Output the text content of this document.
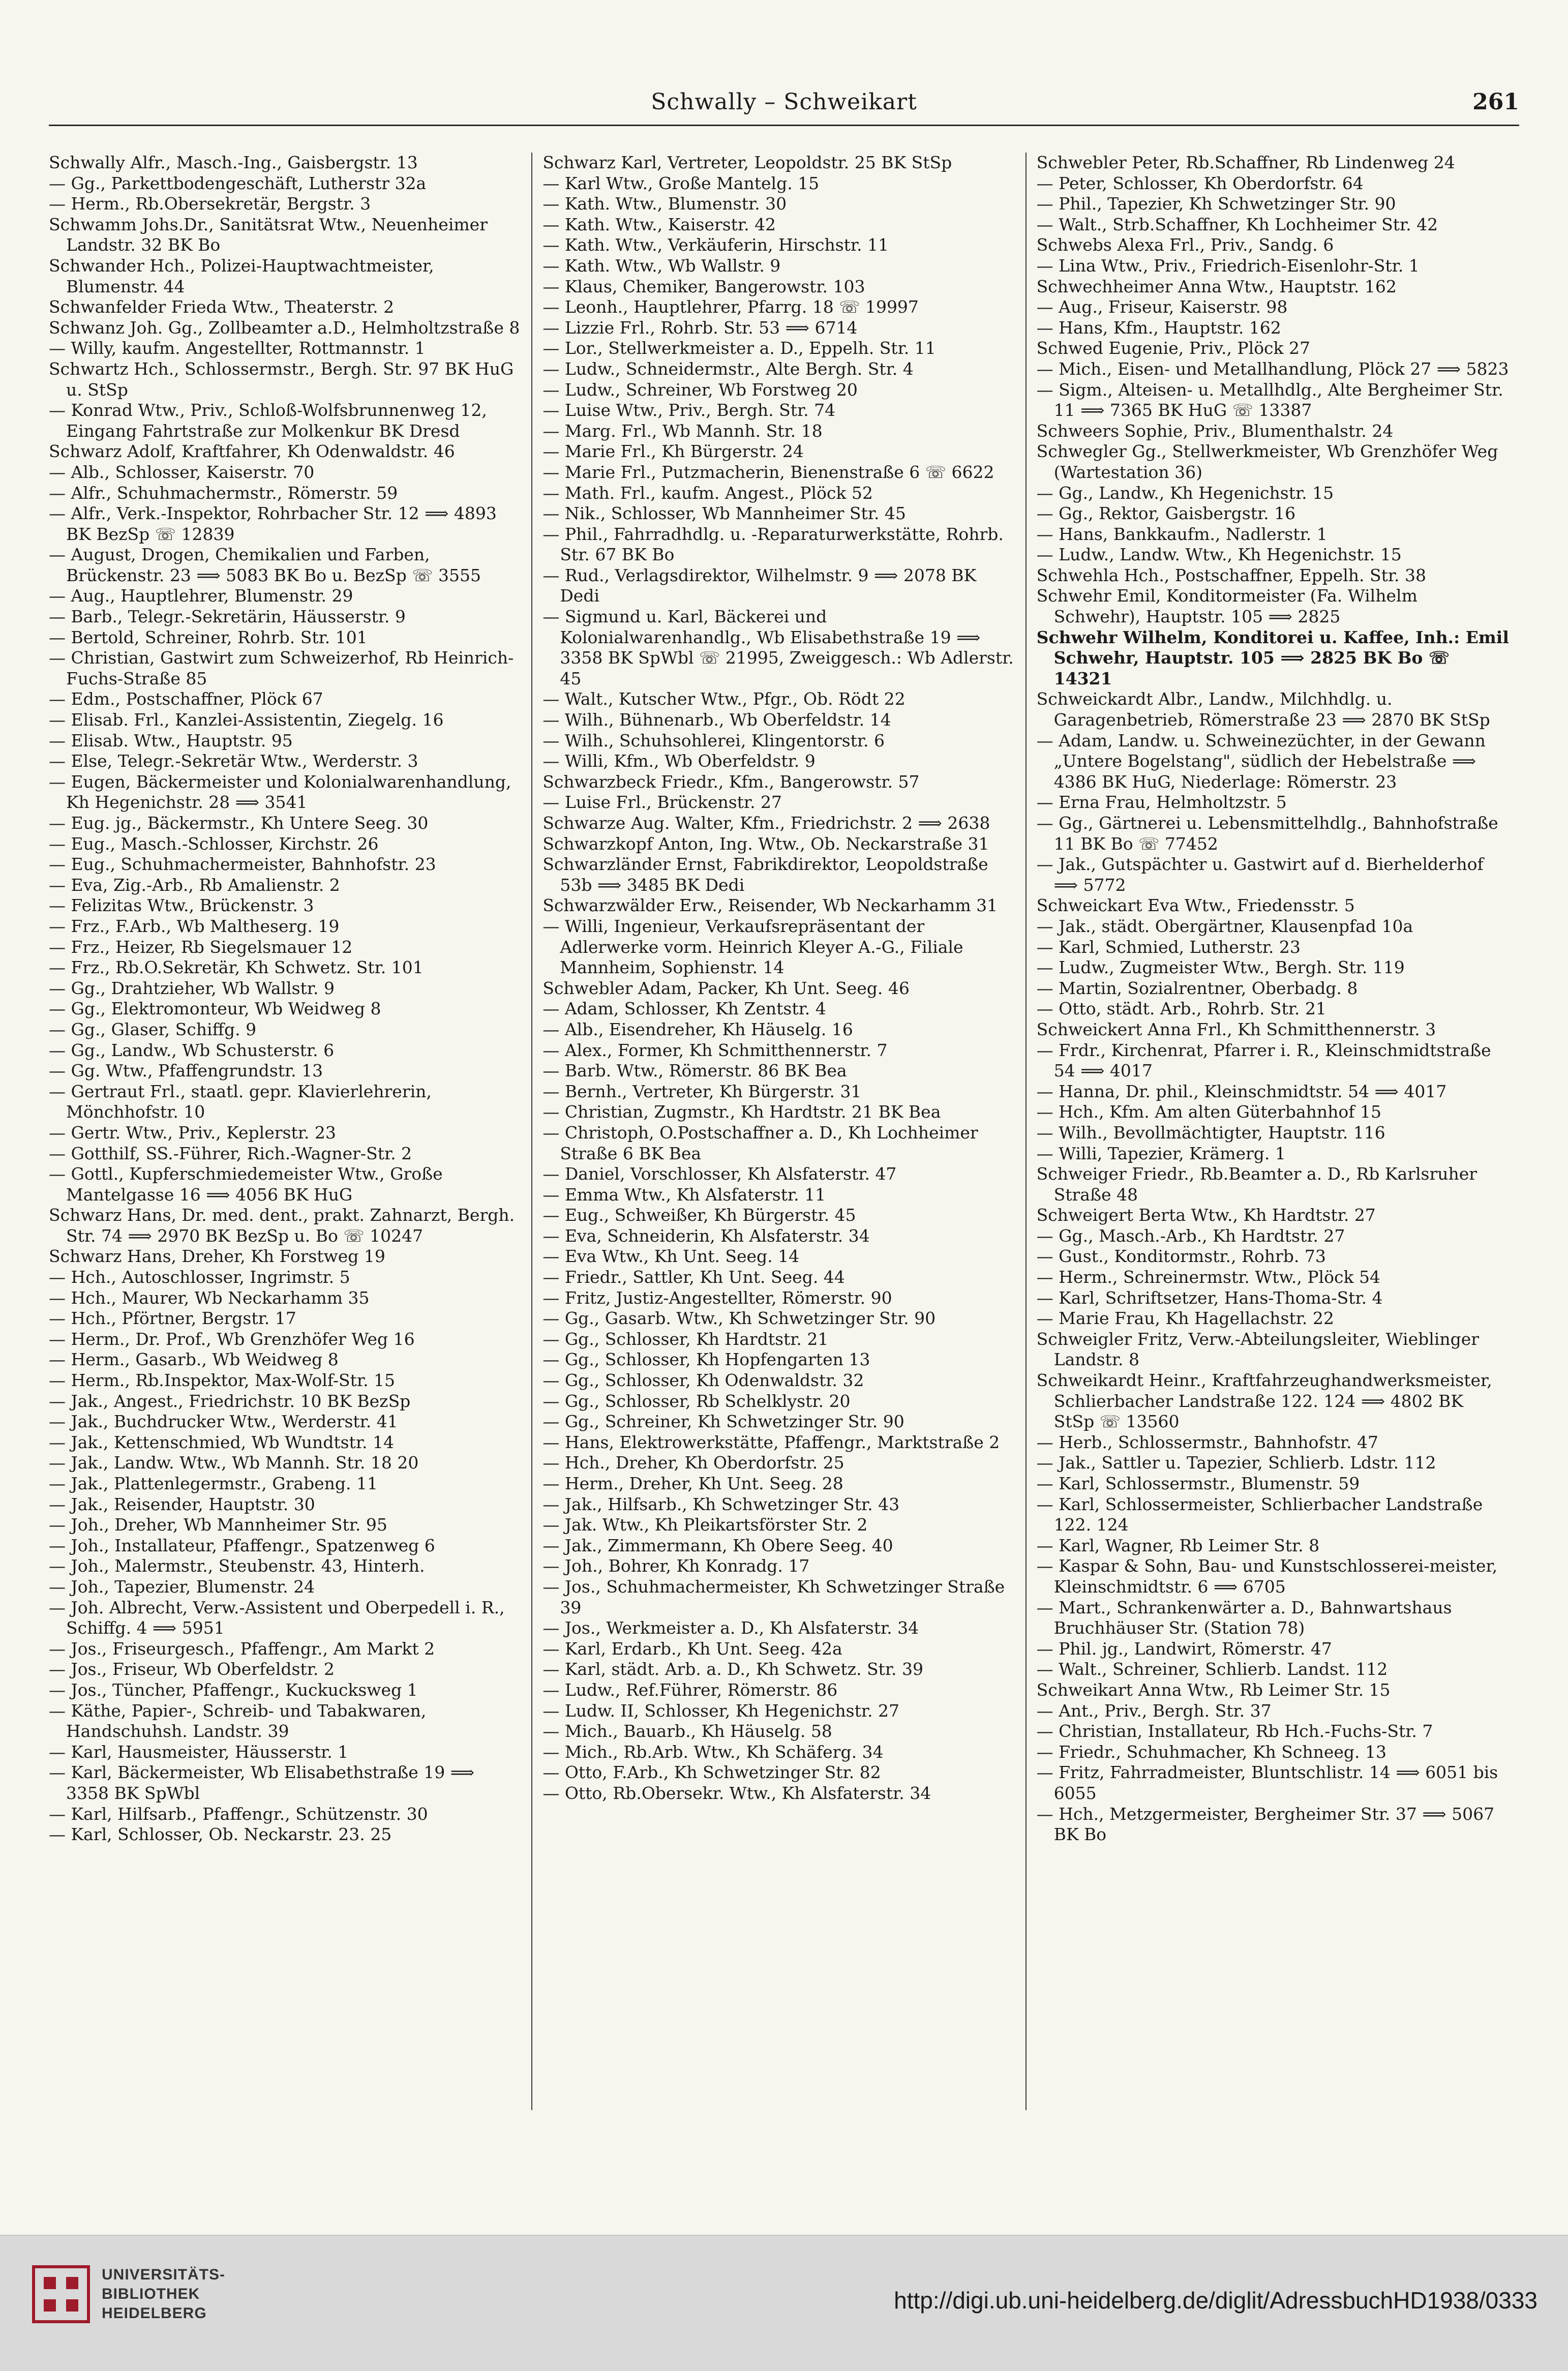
Schwally – Schweikart	261

Schwally Alfr., Masch.-Ing., Gaisbergstr. 13

— Gg., Parkettbodengeschäft, Lutherstr 32a

— Herm., Rb.Obersekretär, Bergstr. 3

Schwamm Johs.Dr., Sanitätsrat Wtw., Neuenheimer Landstr. 32 BK Bo

Schwander Hch., Polizei-Hauptwachtmeister, Blumenstr. 44

Schwanfelder Frieda Wtw., Theaterstr. 2

Schwanz Joh. Gg., Zollbeamter a.D., Helmholtzstraße 8

— Willy, kaufm. Angestellter, Rottmannstr. 1

Schwartz Hch., Schlossermstr., Bergh. Str. 97 BK HuG u. StSp

— Konrad Wtw., Priv., Schloß-Wolfsbrunnenweg 12, Eingang Fahrtstraße zur Molkenkur BK Dresd

Schwarz Adolf, Kraftfahrer, Kh Odenwaldstr. 46

— Alb., Schlosser, Kaiserstr. 70

— Alfr., Schuhmachermstr., Römerstr. 59

— Alfr., Verk.-Inspektor, Rohrbacher Str. 12 ⟹ 4893 BK BezSp ☏ 12839

— August, Drogen, Chemikalien und Farben, Brückenstr. 23 ⟹ 5083 BK Bo u. BezSp ☏ 3555

— Aug., Hauptlehrer, Blumenstr. 29

— Barb., Telegr.-Sekretärin, Häusserstr. 9

— Bertold, Schreiner, Rohrb. Str. 101

— Christian, Gastwirt zum Schweizerhof, Rb Heinrich-Fuchs-Straße 85

— Edm., Postschaffner, Plöck 67

— Elisab. Frl., Kanzlei-Assistentin, Ziegelg. 16

— Elisab. Wtw., Hauptstr. 95

— Else, Telegr.-Sekretär Wtw., Werderstr. 3

— Eugen, Bäckermeister und Kolonialwarenhandlung, Kh Hegenichstr. 28 ⟹ 3541

— Eug. jg., Bäckermstr., Kh Untere Seeg. 30

— Eug., Masch.-Schlosser, Kirchstr. 26

— Eug., Schuhmachermeister, Bahnhofstr. 23

— Eva, Zig.-Arb., Rb Amalienstr. 2

— Felizitas Wtw., Brückenstr. 3

— Frz., F.Arb., Wb Maltheserg. 19

— Frz., Heizer, Rb Siegelsmauer 12

— Frz., Rb.O.Sekretär, Kh Schwetz. Str. 101

— Gg., Drahtzieher, Wb Wallstr. 9

— Gg., Elektromonteur, Wb Weidweg 8

— Gg., Glaser, Schiffg. 9

— Gg., Landw., Wb Schusterstr. 6

— Gg. Wtw., Pfaffengrundstr. 13

— Gertraut Frl., staatl. gepr. Klavierlehrerin, Mönchhofstr. 10

— Gertr. Wtw., Priv., Keplerstr. 23

— Gotthilf, SS.-Führer, Rich.-Wagner-Str. 2

— Gottl., Kupferschmiedemeister Wtw., Große Mantelgasse 16 ⟹ 4056 BK HuG

Schwarz Hans, Dr. med. dent., prakt. Zahnarzt, Bergh. Str. 74 ⟹ 2970 BK BezSp u. Bo ☏ 10247

Schwarz Hans, Dreher, Kh Forstweg 19

— Hch., Autoschlosser, Ingrimstr. 5

— Hch., Maurer, Wb Neckarhamm 35

— Hch., Pförtner, Bergstr. 17

— Herm., Dr. Prof., Wb Grenzhöfer Weg 16

— Herm., Gasarb., Wb Weidweg 8

— Herm., Rb.Inspektor, Max-Wolf-Str. 15

— Jak., Angest., Friedrichstr. 10 BK BezSp

— Jak., Buchdrucker Wtw., Werderstr. 41

— Jak., Kettenschmied, Wb Wundtstr. 14

— Jak., Landw. Wtw., Wb Mannh. Str. 18 20

— Jak., Plattenlegermstr., Grabeng. 11

— Jak., Reisender, Hauptstr. 30

— Joh., Dreher, Wb Mannheimer Str. 95

— Joh., Installateur, Pfaffengr., Spatzenweg 6

— Joh., Malermstr., Steubenstr. 43, Hinterh.

— Joh., Tapezier, Blumenstr. 24

— Joh. Albrecht, Verw.-Assistent und Oberpedell i. R., Schiffg. 4 ⟹ 5951

— Jos., Friseurgesch., Pfaffengr., Am Markt 2

— Jos., Friseur, Wb Oberfeldstr. 2

— Jos., Tüncher, Pfaffengr., Kuckucksweg 1

— Käthe, Papier-, Schreib- und Tabakwaren, Handschuhsh. Landstr. 39

— Karl, Hausmeister, Häusserstr. 1

— Karl, Bäckermeister, Wb Elisabethstraße 19 ⟹ 3358 BK SpWbl

— Karl, Hilfsarb., Pfaffengr., Schützenstr. 30

— Karl, Schlosser, Ob. Neckarstr. 23. 25

Schwarz Karl, Vertreter, Leopoldstr. 25 BK StSp

— Karl Wtw., Große Mantelg. 15

— Kath. Wtw., Blumenstr. 30

— Kath. Wtw., Kaiserstr. 42

— Kath. Wtw., Verkäuferin, Hirschstr. 11

— Kath. Wtw., Wb Wallstr. 9

— Klaus, Chemiker, Bangerowstr. 103

— Leonh., Hauptlehrer, Pfarrg. 18 ☏ 19997

— Lizzie Frl., Rohrb. Str. 53 ⟹ 6714

— Lor., Stellwerkmeister a. D., Eppelh. Str. 11

— Ludw., Schneidermstr., Alte Bergh. Str. 4

— Ludw., Schreiner, Wb Forstweg 20

— Luise Wtw., Priv., Bergh. Str. 74

— Marg. Frl., Wb Mannh. Str. 18

— Marie Frl., Kh Bürgerstr. 24

— Marie Frl., Putzmacherin, Bienenstraße 6 ☏ 6622

— Math. Frl., kaufm. Angest., Plöck 52

— Nik., Schlosser, Wb Mannheimer Str. 45

— Phil., Fahrradhdlg. u. -Reparaturwerkstätte, Rohrb. Str. 67 BK Bo

— Rud., Verlagsdirektor, Wilhelmstr. 9 ⟹ 2078 BK Dedi

— Sigmund u. Karl, Bäckerei und Kolonialwarenhandlg., Wb Elisabethstraße 19 ⟹ 3358 BK SpWbl ☏ 21995, Zweiggesch.: Wb Adlerstr. 45

— Walt., Kutscher Wtw., Pfgr., Ob. Rödt 22

— Wilh., Bühnenarb., Wb Oberfeldstr. 14

— Wilh., Schuhsohlerei, Klingentorstr. 6

— Willi, Kfm., Wb Oberfeldstr. 9

Schwarzbeck Friedr., Kfm., Bangerowstr. 57

— Luise Frl., Brückenstr. 27

Schwarze Aug. Walter, Kfm., Friedrichstr. 2 ⟹ 2638

Schwarzkopf Anton, Ing. Wtw., Ob. Neckarstraße 31

Schwarzländer Ernst, Fabrikdirektor, Leopoldstraße 53b ⟹ 3485 BK Dedi

Schwarzwälder Erw., Reisender, Wb Neckarhamm 31

— Willi, Ingenieur, Verkaufsrepräsentant der Adlerwerke vorm. Heinrich Kleyer A.-G., Filiale Mannheim, Sophienstr. 14

Schwebler Adam, Packer, Kh Unt. Seeg. 46

— Adam, Schlosser, Kh Zentstr. 4

— Alb., Eisendreher, Kh Häuselg. 16

— Alex., Former, Kh Schmitthennerstr. 7

— Barb. Wtw., Römerstr. 86 BK Bea

— Bernh., Vertreter, Kh Bürgerstr. 31

— Christian, Zugmstr., Kh Hardtstr. 21 BK Bea

— Christoph, O.Postschaffner a. D., Kh Lochheimer Straße 6 BK Bea

— Daniel, Vorschlosser, Kh Alsfaterstr. 47

— Emma Wtw., Kh Alsfaterstr. 11

— Eug., Schweißer, Kh Bürgerstr. 45

— Eva, Schneiderin, Kh Alsfaterstr. 34

— Eva Wtw., Kh Unt. Seeg. 14

— Friedr., Sattler, Kh Unt. Seeg. 44

— Fritz, Justiz-Angestellter, Römerstr. 90

— Gg., Gasarb. Wtw., Kh Schwetzinger Str. 90

— Gg., Schlosser, Kh Hardtstr. 21

— Gg., Schlosser, Kh Hopfengarten 13

— Gg., Schlosser, Kh Odenwaldstr. 32

— Gg., Schlosser, Rb Schelklystr. 20

— Gg., Schreiner, Kh Schwetzinger Str. 90

— Hans, Elektrowerkstätte, Pfaffengr., Marktstraße 2

— Hch., Dreher, Kh Oberdorfstr. 25

— Herm., Dreher, Kh Unt. Seeg. 28

— Jak., Hilfsarb., Kh Schwetzinger Str. 43

— Jak. Wtw., Kh Pleikartsförster Str. 2

— Jak., Zimmermann, Kh Obere Seeg. 40

— Joh., Bohrer, Kh Konradg. 17

— Jos., Schuhmachermeister, Kh Schwetzinger Straße 39

— Jos., Werkmeister a. D., Kh Alsfaterstr. 34

— Karl, Erdarb., Kh Unt. Seeg. 42a

— Karl, städt. Arb. a. D., Kh Schwetz. Str. 39

— Ludw., Ref.Führer, Römerstr. 86

— Ludw. II, Schlosser, Kh Hegenichstr. 27

— Mich., Bauarb., Kh Häuselg. 58

— Mich., Rb.Arb. Wtw., Kh Schäferg. 34

— Otto, F.Arb., Kh Schwetzinger Str. 82

— Otto, Rb.Obersekr. Wtw., Kh Alsfaterstr. 34

Schwebler Peter, Rb.Schaffner, Rb Lindenweg 24

— Peter, Schlosser, Kh Oberdorfstr. 64

— Phil., Tapezier, Kh Schwetzinger Str. 90

— Walt., Strb.Schaffner, Kh Lochheimer Str. 42

Schwebs Alexa Frl., Priv., Sandg. 6

— Lina Wtw., Priv., Friedrich-Eisenlohr-Str. 1

Schwechheimer Anna Wtw., Hauptstr. 162

— Aug., Friseur, Kaiserstr. 98

— Hans, Kfm., Hauptstr. 162

Schwed Eugenie, Priv., Plöck 27

— Mich., Eisen- und Metallhandlung, Plöck 27 ⟹ 5823

— Sigm., Alteisen- u. Metallhdlg., Alte Bergheimer Str. 11 ⟹ 7365 BK HuG ☏ 13387

Schweers Sophie, Priv., Blumenthalstr. 24

Schwegler Gg., Stellwerkmeister, Wb Grenzhöfer Weg (Wartestation 36)

— Gg., Landw., Kh Hegenichstr. 15

— Gg., Rektor, Gaisbergstr. 16

— Hans, Bankkaufm., Nadlerstr. 1

— Ludw., Landw. Wtw., Kh Hegenichstr. 15

Schwehla Hch., Postschaffner, Eppelh. Str. 38

Schwehr Emil, Konditormeister (Fa. Wilhelm Schwehr), Hauptstr. 105 ⟹ 2825

Schwehr Wilhelm, Konditorei u. Kaffee, Inh.: Emil Schwehr, Hauptstr. 105 ⟹ 2825 BK Bo ☏ 14321

Schweickardt Albr., Landw., Milchhdlg. u. Garagenbetrieb, Römerstraße 23 ⟹ 2870 BK StSp

— Adam, Landw. u. Schweinezüchter, in der Gewann „Untere Bogelstang", südlich der Hebelstraße ⟹ 4386 BK HuG, Niederlage: Römerstr. 23

— Erna Frau, Helmholtzstr. 5

— Gg., Gärtnerei u. Lebensmittelhdlg., Bahnhofstraße 11 BK Bo ☏ 77452

— Jak., Gutspächter u. Gastwirt auf d. Bierhelderhof ⟹ 5772

Schweickart Eva Wtw., Friedensstr. 5

— Jak., städt. Obergärtner, Klausenpfad 10a

— Karl, Schmied, Lutherstr. 23

— Ludw., Zugmeister Wtw., Bergh. Str. 119

— Martin, Sozialrentner, Oberbadg. 8

— Otto, städt. Arb., Rohrb. Str. 21

Schweickert Anna Frl., Kh Schmitthennerstr. 3

— Frdr., Kirchenrat, Pfarrer i. R., Kleinschmidtstraße 54 ⟹ 4017

— Hanna, Dr. phil., Kleinschmidtstr. 54 ⟹ 4017

— Hch., Kfm. Am alten Güterbahnhof 15

— Wilh., Bevollmächtigter, Hauptstr. 116

— Willi, Tapezier, Krämerg. 1

Schweiger Friedr., Rb.Beamter a. D., Rb Karlsruher Straße 48

Schweigert Berta Wtw., Kh Hardtstr. 27

— Gg., Masch.-Arb., Kh Hardtstr. 27

— Gust., Konditormstr., Rohrb. 73

— Herm., Schreinermstr. Wtw., Plöck 54

— Karl, Schriftsetzer, Hans-Thoma-Str. 4

— Marie Frau, Kh Hagellachstr. 22

Schweigler Fritz, Verw.-Abteilungsleiter, Wieblinger Landstr. 8

Schweikardt Heinr., Kraftfahrzeughandwerksmeister, Schlierbacher Landstraße 122. 124 ⟹ 4802 BK StSp ☏ 13560

— Herb., Schlossermstr., Bahnhofstr. 47

— Jak., Sattler u. Tapezier, Schlierb. Ldstr. 112

— Karl, Schlossermstr., Blumenstr. 59

— Karl, Schlossermeister, Schlierbacher Landstraße 122. 124

— Karl, Wagner, Rb Leimer Str. 8

— Kaspar & Sohn, Bau- und Kunstschlosserei-meister, Kleinschmidtstr. 6 ⟹ 6705

— Mart., Schrankenwärter a. D., Bahnwartshaus Bruchhäuser Str. (Station 78)

— Phil. jg., Landwirt, Römerstr. 47

— Walt., Schreiner, Schlierb. Landst. 112

Schweikart Anna Wtw., Rb Leimer Str. 15

— Ant., Priv., Bergh. Str. 37

— Christian, Installateur, Rb Hch.-Fuchs-Str. 7

— Friedr., Schuhmacher, Kh Schneeg. 13

— Fritz, Fahrradmeister, Bluntschlistr. 14 ⟹ 6051 bis 6055

— Hch., Metzgermeister, Bergheimer Str. 37 ⟹ 5067 BK Bo

UNIVERSITÄTS-
BIBLIOTHEK
HEIDELBERG	http://digi.ub.uni-heidelberg.de/diglit/AdressbuchHD1938/0333
